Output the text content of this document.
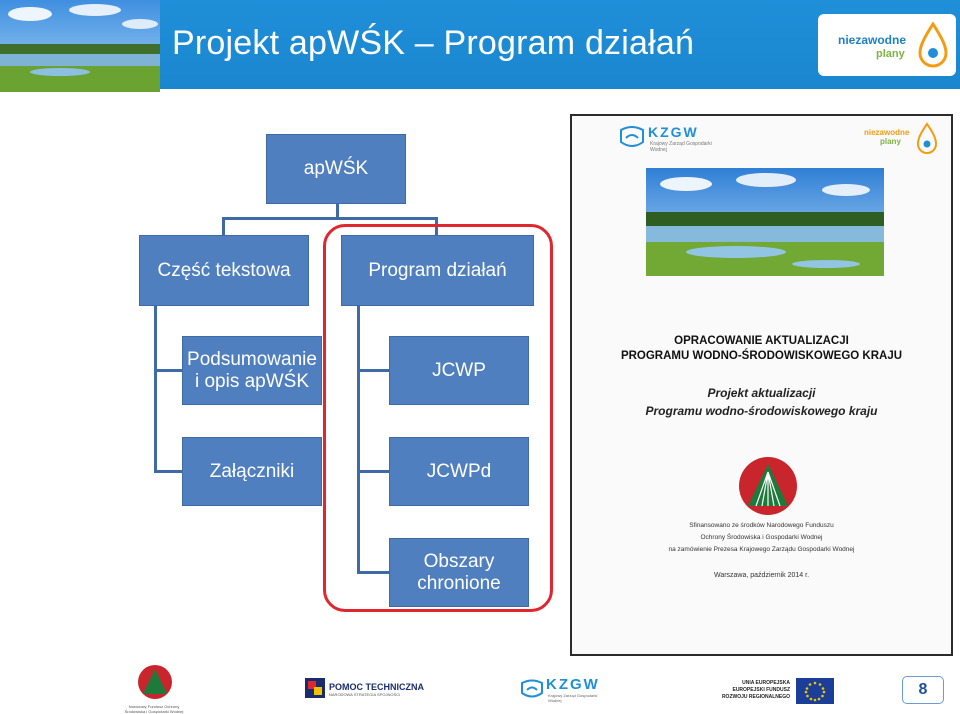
Projekt apWŚK – Program działań	niezawodne
plany
apWŚK
Część tekstowa	Program działań
Podsumowanie i opis apWŚK
Załączniki
JCWP
JCWPd
Obszary chronione
KZGW
Krajowy Zarząd Gospodarki Wodnej
niezawodne
plany
OPRACOWANIE AKTUALIZACJI
PROGRAMU WODNO-ŚRODOWISKOWEGO KRAJU
Projekt aktualizacji
Programu wodno-środowiskowego kraju
Sfinansowano ze środków Narodowego Funduszu
Ochrony Środowiska i Gospodarki Wodnej
na zamówienie Prezesa Krajowego Zarządu Gospodarki Wodnej
Warszawa, październik 2014 r.
Narodowy Fundusz Ochrony Środowiska i Gospodarki Wodnej
POMOC TECHNICZNA
NARODOWA STRATEGIA SPÓJNOŚCI
KZGW
Krajowy Zarząd Gospodarki Wodnej
UNIA EUROPEJSKA
EUROPEJSKI FUNDUSZ
ROZWOJU REGIONALNEGO	8
